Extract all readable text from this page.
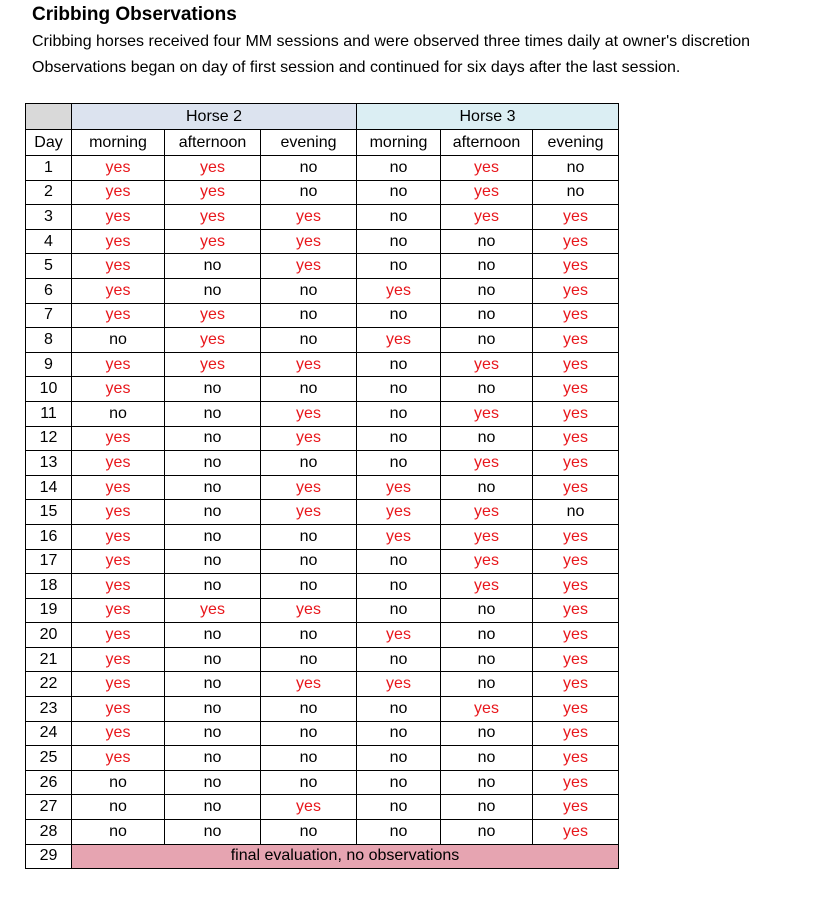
Cribbing Observations

Cribbing horses received four MM sessions and were observed three times daily at owner's discretion

Observations began on day of first session and continued for six days after the last session.

	Horse 2			Horse 3		
Day	morning	afternoon	evening	morning	afternoon	evening
1	yes	yes	no	no	yes	no
2	yes	yes	no	no	yes	no
3	yes	yes	yes	no	yes	yes
4	yes	yes	yes	no	no	yes
5	yes	no	yes	no	no	yes
6	yes	no	no	yes	no	yes
7	yes	yes	no	no	no	yes
8	no	yes	no	yes	no	yes
9	yes	yes	yes	no	yes	yes
10	yes	no	no	no	no	yes
11	no	no	yes	no	yes	yes
12	yes	no	yes	no	no	yes
13	yes	no	no	no	yes	yes
14	yes	no	yes	yes	no	yes
15	yes	no	yes	yes	yes	no
16	yes	no	no	yes	yes	yes
17	yes	no	no	no	yes	yes
18	yes	no	no	no	yes	yes
19	yes	yes	yes	no	no	yes
20	yes	no	no	yes	no	yes
21	yes	no	no	no	no	yes
22	yes	no	yes	yes	no	yes
23	yes	no	no	no	yes	yes
24	yes	no	no	no	no	yes
25	yes	no	no	no	no	yes
26	no	no	no	no	no	yes
27	no	no	yes	no	no	yes
28	no	no	no	no	no	yes
29	final evaluation, no observations					
